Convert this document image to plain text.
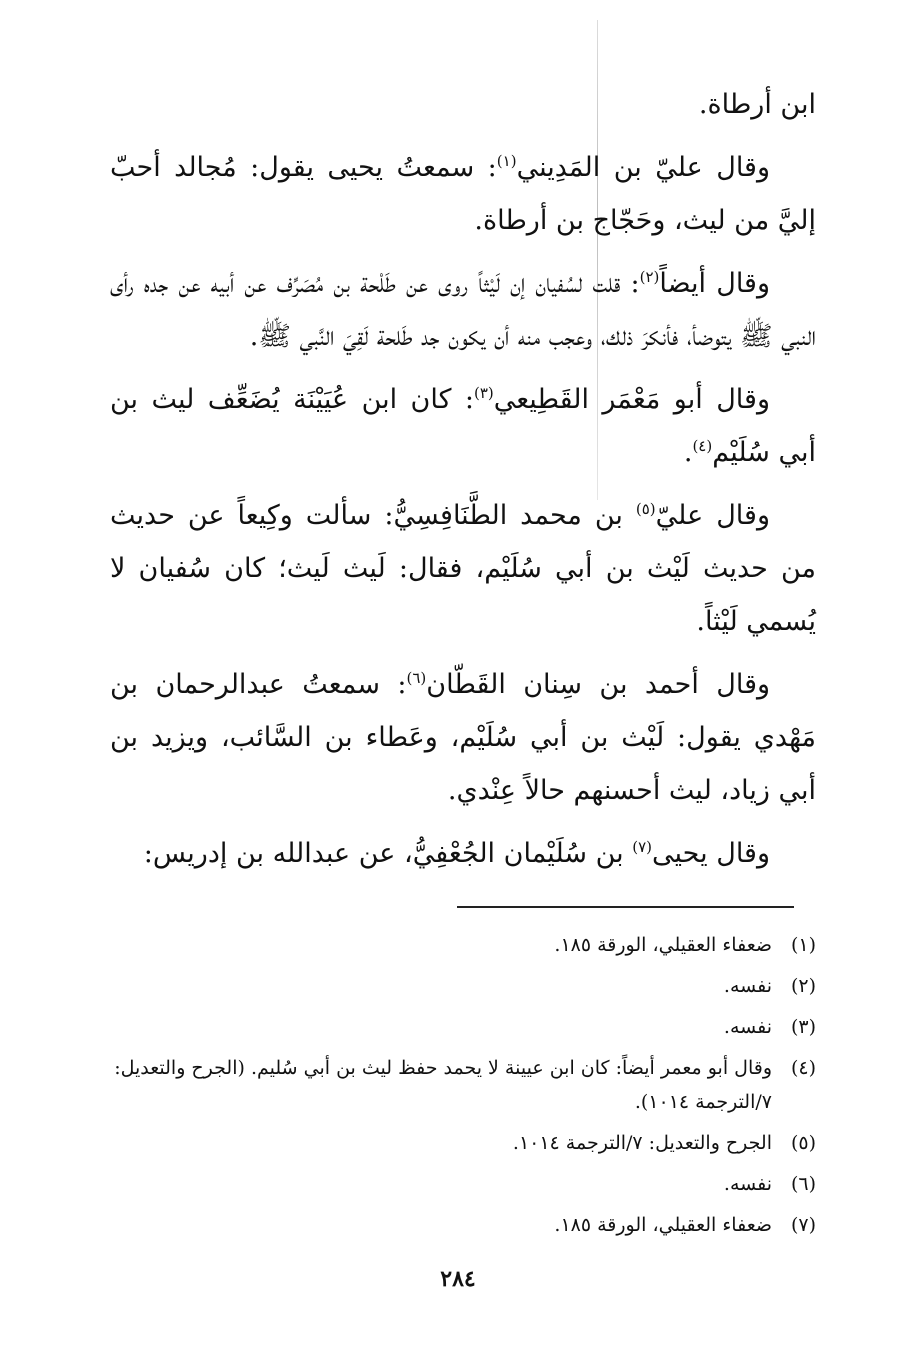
ابن أرطاة.

وقال عليّ بن المَدِيني$^{(١)}$: سمعتُ يحيى يقول: مُجالد أحبّ إليَّ من ليث، وحَجّاج بن أرطاة.

وقال أيضاً$^{(٢)}$: قلت لسُفيان إن لَيْثاً روى عن طَلْحة بن مُصَرِّف عن أبيه عن جده رأى النبي ﷺ يتوضأ، فأنكرَ ذلك، وعجب منه أن يكون جد طَلحة لَقِيَ النَّبي ﷺ.

وقال أبو مَعْمَر القَطِيعي$^{(٣)}$: كان ابن عُيَيْنَة يُضَعِّف ليث بن أبي سُلَيْم$^{(٤)}$.

وقال عليّ$^{(٥)}$ بن محمد الطَّنَافِسِيُّ: سألت وكِيعاً عن حديث من حديث لَيْث بن أبي سُلَيْم، فقال: لَيث لَيث؛ كان سُفيان لا يُسمي لَيْثاً.

وقال أحمد بن سِنان القَطّان$^{(٦)}$: سمعتُ عبدالرحمان بن مَهْدي يقول: لَيْث بن أبي سُلَيْم، وعَطاء بن السَّائب، ويزيد بن أبي زياد، ليث أحسنهم حالاً عِنْدي.

وقال يحيى$^{(٧)}$ بن سُلَيْمان الجُعْفِيُّ، عن عبدالله بن إدريس:

(١)
ضعفاء العقيلي، الورقة ١٨٥.
(٢)
نفسه.
(٣)
نفسه.
(٤)
وقال أبو معمر أيضاً: كان ابن عيينة لا يحمد حفظ ليث بن أبي سُليم. (الجرح والتعديل: ٧/الترجمة ١٠١٤).
(٥)
الجرح والتعديل: ٧/الترجمة ١٠١٤.
(٦)
نفسه.
(٧)
ضعفاء العقيلي، الورقة ١٨٥.
٢٨٤
